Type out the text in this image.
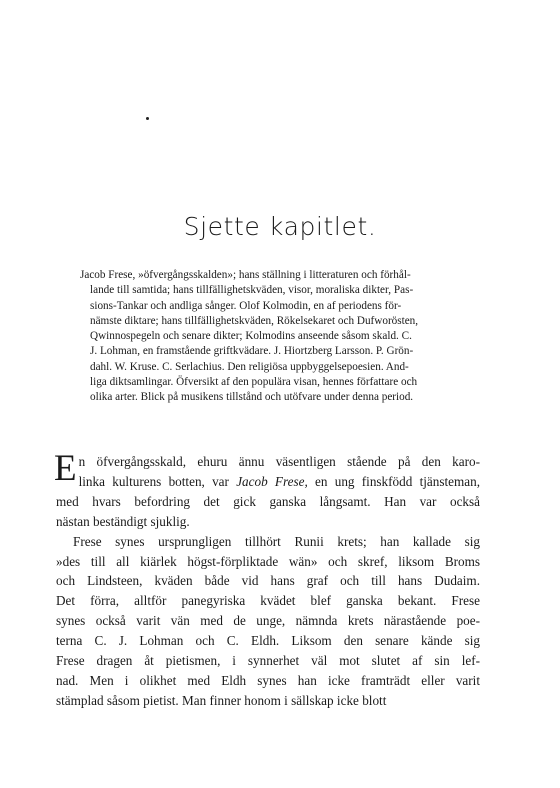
Sjette kapitlet.
Jacob Frese, »öfvergångsskalden»; hans ställning i litteraturen och förhål-
lande till samtida; hans tillfällighetskväden, visor, moraliska dikter, Pas-
sions-Tankar och andliga sånger. Olof Kolmodin, en af periodens för-
nämste diktare; hans tillfällighetskväden, Rökelsekaret och Dufworösten,
Qwinnospegeln och senare dikter; Kolmodins anseende såsom skald. C.
J. Lohman, en framstående griftkvädare. J. Hiortzberg Larsson. P. Grön-
dahl. W. Kruse. C. Serlachius. Den religiösa uppbyggelsepoesien. And-
liga diktsamlingar. Öfversikt af den populära visan, hennes författare och
olika arter. Blick på musikens tillstånd och utöfvare under denna period.
E n öfvergångsskald, ehuru ännu väsentligen stående på den karo-
linka kulturens botten, var Jacob Frese, en ung finskfödd tjänsteman,
med hvars befordring det gick ganska långsamt. Han var också
nästan beständigt sjuklig.
Frese synes ursprungligen tillhört Runii krets; han kallade sig
»des till all kiärlek högst-förpliktade wän» och skref, liksom Broms
och Lindsteen, kväden både vid hans graf och till hans Dudaim.
Det förra, alltför panegyriska kvädet blef ganska bekant. Frese
synes också varit vän med de unge, nämnda krets närastående poe-
terna C. J. Lohman och C. Eldh. Liksom den senare kände sig
Frese dragen åt pietismen, i synnerhet väl mot slutet af sin lef-
nad. Men i olikhet med Eldh synes han icke framträdt eller varit
stämplad såsom pietist. Man finner honom i sällskap icke blott
